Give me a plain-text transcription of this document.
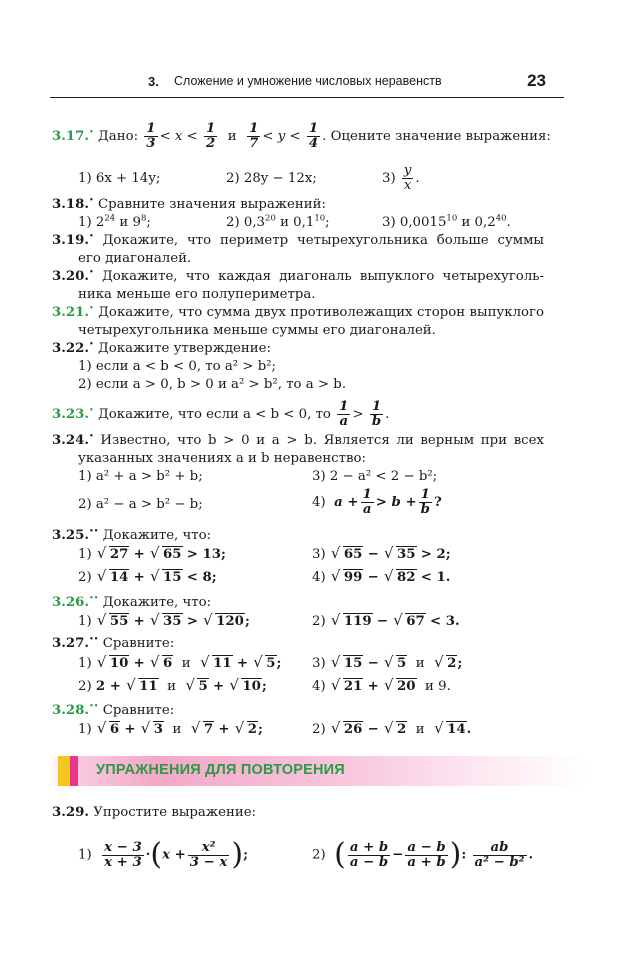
3. Сложение и умножение числовых неравенств	23
3.17.• Дано: $\frac{1}{3} < x < \frac{1}{2}$ и $\frac{1}{7} < y < \frac{1}{4}$ . Оцените значение выражения:
1) 6x + 14y;	2) 28y − 12x;	$3) \frac{y}{x}$ .
3.18.• Сравните значения выражений:
1) $2^{24}$ и $9^8$;	2) $0,3^{20}$ и $0,1^{10}$;	3) 0,0015$^{10}$ и $0,2^{40}$.
3.19.• Докажите, что периметр четырехугольника больше суммы
его диагоналей.
3.20.• Докажите, что каждая диагональ выпуклого четырехуголь-
ника меньше его полупериметра.
3.21.• Докажите, что сумма двух противолежащих сторон выпуклого
четырехугольника меньше суммы его диагоналей.
3.22.• Докажите утверждение:
1) если a < b < 0, то a² > b²;
2) если a > 0, b > 0 и a² > b², то a > b.
3.23.• Докажите, что если a < b < 0, то $\frac{1}{a} > \frac{1}{b}$ .
3.24.• Известно, что b > 0 и a > b. Является ли верным при всех
указанных значениях a и b неравенство:
1) a² + a > b² + b;	3) 2 − a² < 2 − b²;
2) a² − a > b² − b;	4) $a + \frac{1}{a} > b + \frac{1}{b}$ ?
3.25.•• Докажите, что:
1) √ 27 + √ 65 > 13;	3) √ 65 − √ 35 > 2;
2) √ 14 + √ 15 < 8;	4) √ 99 − √ 82 < 1.
3.26.•• Докажите, что:
1) √ 55 + √ 35 > √ 120;	2) √ 119 − √ 67 < 3.
3.27.•• Сравните:
1) √ 10 + √ 6 и √ 11 + √ 5; 3) √ 15 − √ 5 и √ 2;
2) 2 + √ 11 и √ 5 + √ 10;	4) √ 21 + √ 20 и 9.
3.28.•• Сравните:
1) √ 6 + √ 3 и √ 7 + √ 2;	2) √ 26 − √ 2 и √ 14.
УПРАЖНЕНИЯ ДЛЯ ПОВТОРЕНИЯ
3.29. Упростите выражение:
$1) \frac{x - 3}{x + 3} \cdot(x + \frac{\text{x²}}{3 - x}$ );	2) ( $\frac{a + b}{a - b} - \frac{a - b}{a + b}$ ): $\frac{ab}{\text{a² − b²}}$ .
